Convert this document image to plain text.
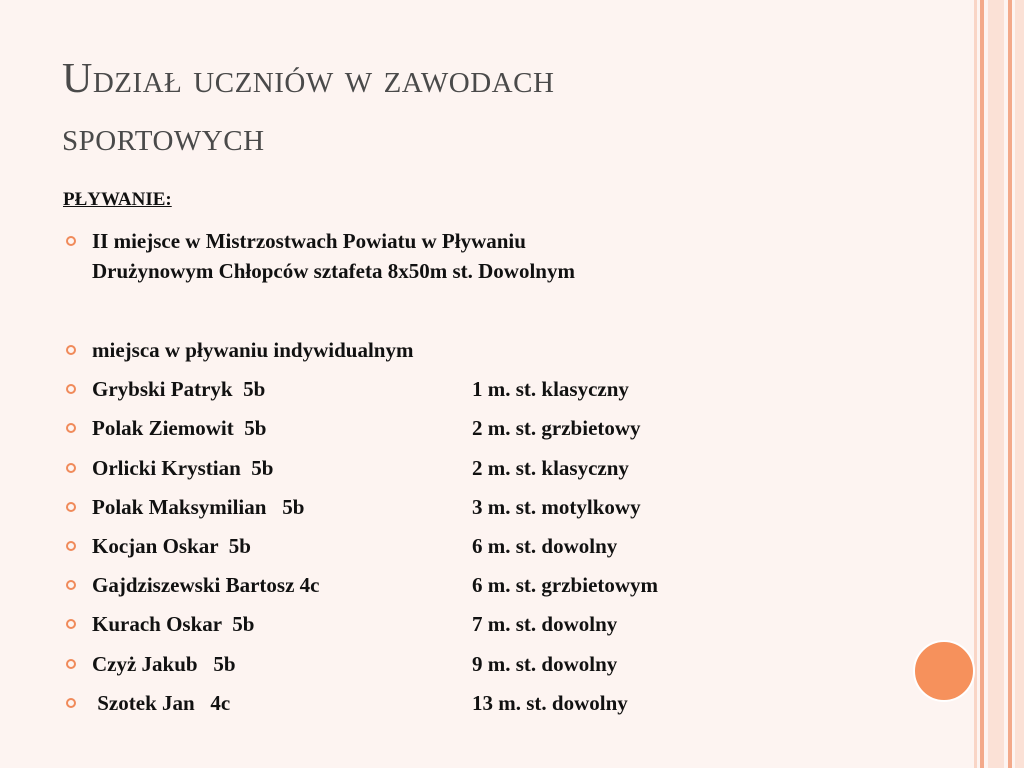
Udział uczniów w zawodach
sportowych
PŁYWANIE:
II miejsce w Mistrzostwach Powiatu w Pływaniu
Drużynowym Chłopców sztafeta 8x50m st. Dowolnym
miejsca w pływaniu indywidualnym
Grybski Patryk  5b	1 m. st. klasyczny
Polak Ziemowit  5b	2 m. st. grzbietowy
Orlicki Krystian  5b	2 m. st. klasyczny
Polak Maksymilian   5b	3 m. st. motylkowy
Kocjan Oskar  5b	6 m. st. dowolny
Gajdziszewski Bartosz 4c	6 m. st. grzbietowym
Kurach Oskar  5b	7 m. st. dowolny
Czyż Jakub   5b	9 m. st. dowolny
Szotek Jan   4c	13 m. st. dowolny
